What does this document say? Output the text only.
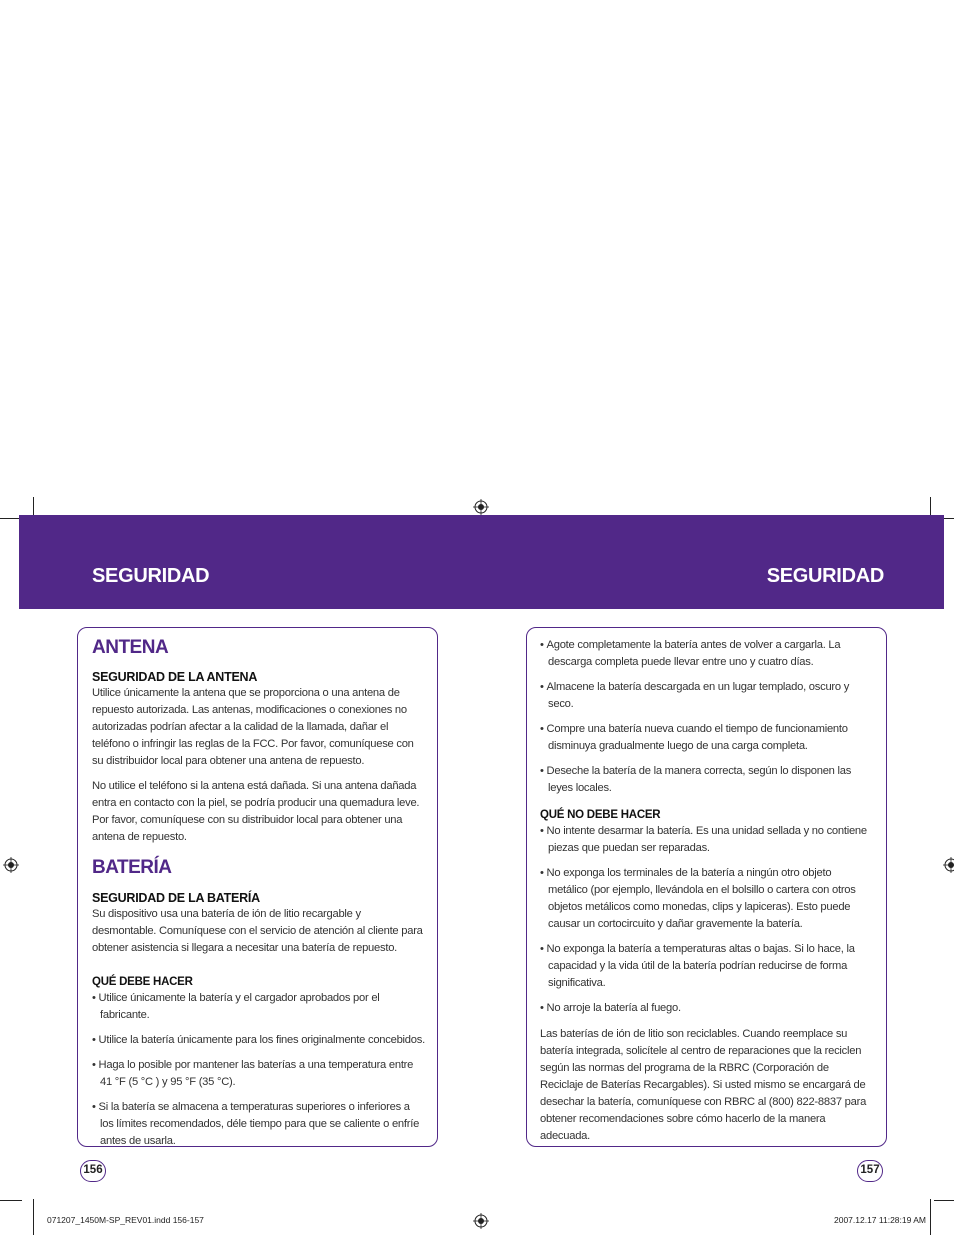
SEGURIDAD	SEGURIDAD
ANTENA
SEGURIDAD DE LA ANTENA

Utilice únicamente la antena que se proporciona o una antena de repuesto autorizada. Las antenas, modificaciones o conexiones no autorizadas podrían afectar a la calidad de la llamada, dañar el teléfono o infringir las reglas de la FCC. Por favor, comuníquese con su distribuidor local para obtener una antena de repuesto.

No utilice el teléfono si la antena está dañada. Si una antena dañada entra en contacto con la piel, se podría producir una quemadura leve. Por favor, comuníquese con su distribuidor local para obtener una antena de repuesto.

BATERÍA
SEGURIDAD DE LA BATERÍA

Su dispositivo usa una batería de ión de litio recargable y desmontable. Comuníquese con el servicio de atención al cliente para obtener asistencia si llegara a necesitar una batería de repuesto.

QUÉ DEBE HACER

• Utilice únicamente la batería y el cargador aprobados por el fabricante.

• Utilice la batería únicamente para los fines originalmente concebidos.

• Haga lo posible por mantener las baterías a una temperatura entre 41 °F (5 °C ) y 95 °F (35 °C).

• Si la batería se almacena a temperaturas superiores o inferiores a los límites recomendados, déle tiempo para que se caliente o enfríe antes de usarla.

• Agote completamente la batería antes de volver a cargarla. La descarga completa puede llevar entre uno y cuatro días.

• Almacene la batería descargada en un lugar templado, oscuro y seco.

• Compre una batería nueva cuando el tiempo de funcionamiento disminuya gradualmente luego de una carga completa.

• Deseche la batería de la manera correcta, según lo disponen las leyes locales.

QUÉ NO DEBE HACER

• No intente desarmar la batería. Es una unidad sellada y no contiene piezas que puedan ser reparadas.

• No exponga los terminales de la batería a ningún otro objeto metálico (por ejemplo, llevándola en el bolsillo o cartera con otros objetos metálicos como monedas, clips y lapiceras). Esto puede causar un cortocircuito y dañar gravemente la batería.

• No exponga la batería a temperaturas altas o bajas. Si lo hace, la capacidad y la vida útil de la batería podrían reducirse de forma significativa.

• No arroje la batería al fuego.

Las baterías de ión de litio son reciclables. Cuando reemplace su batería integrada, solicítele al centro de reparaciones que la reciclen según las normas del programa de la RBRC (Corporación de Reciclaje de Baterías Recargables). Si usted mismo se encargará de desechar la batería, comuníquese con RBRC al (800) 822-8837 para obtener recomendaciones sobre cómo hacerlo de la manera adecuada.

156	157
071207_1450M-SP_REV01.indd 156-157	2007.12.17 11:28:19 AM
